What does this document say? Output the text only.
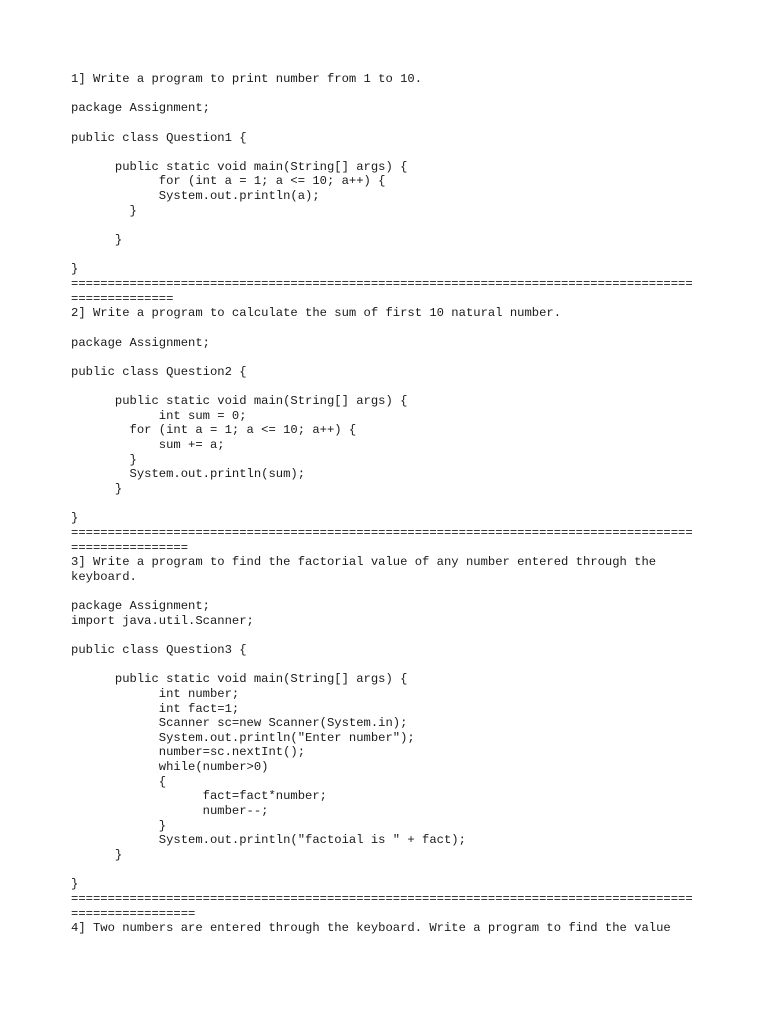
1] Write a program to print number from 1 to 10.
package Assignment;
public class Question1 {
public static void main(String[] args) {
for (int a = 1; a <= 10; a++) {
System.out.println(a);
}
}
}
=====================================================================================
==============
2] Write a program to calculate the sum of first 10 natural number.
package Assignment;
public class Question2 {
public static void main(String[] args) {
int sum = 0;
for (int a = 1; a <= 10; a++) {
sum += a;
}
System.out.println(sum);
}
}
=====================================================================================
================
3] Write a program to find the factorial value of any number entered through the
keyboard.
package Assignment;
import java.util.Scanner;
public class Question3 {
public static void main(String[] args) {
int number;
int fact=1;
Scanner sc=new Scanner(System.in);
System.out.println("Enter number");
number=sc.nextInt();
while(number>0)
{
fact=fact*number;
number--;
}
System.out.println("factoial is " + fact);
}
}
=====================================================================================
=================
4] Two numbers are entered through the keyboard. Write a program to find the value
